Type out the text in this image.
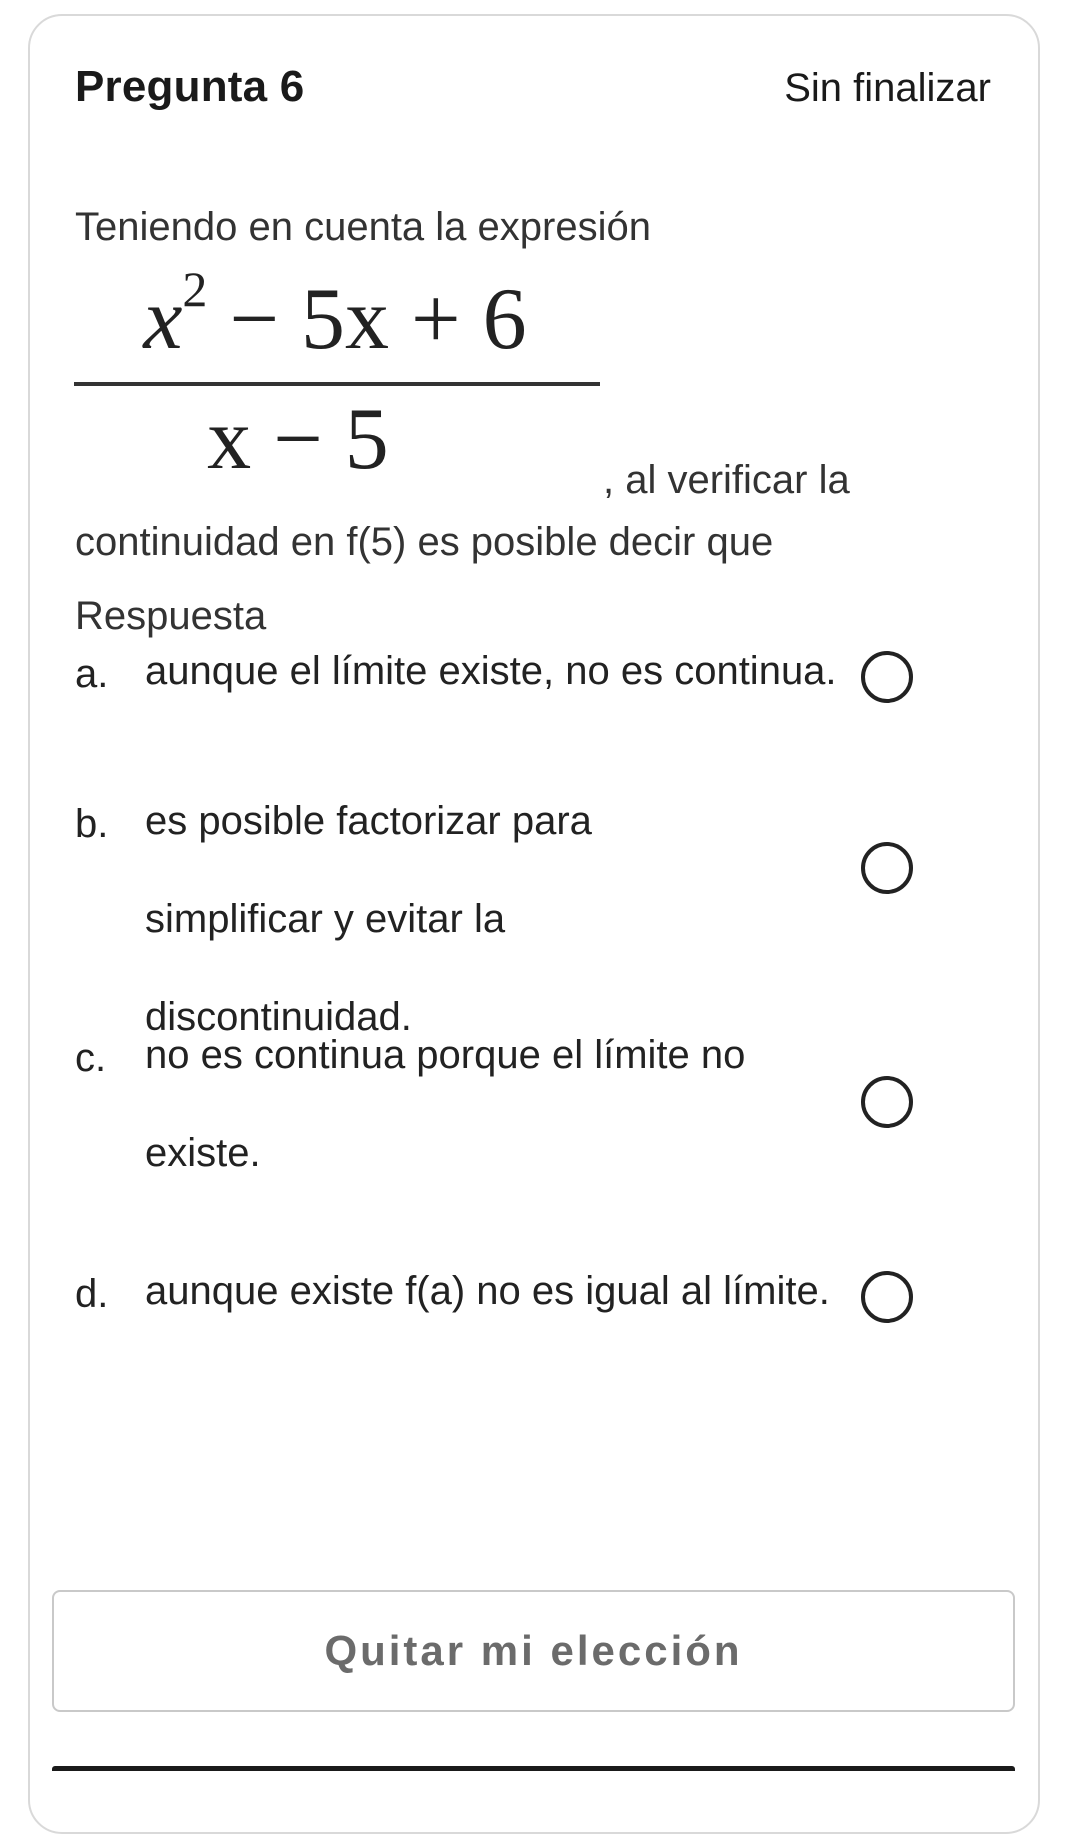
Pregunta 6	Sin finalizar
Teniendo en cuenta la expresión
$x^2 - 5x + 6$
x − 5	, al verificar la
continuidad en f(5) es posible decir que
Respuesta
a. aunque el límite existe, no es continua.
b. es posible factorizar para simplificar y evitar la discontinuidad.
c. no es continua porque el límite no existe.
d. aunque existe f(a) no es igual al límite.
Quitar mi elección
